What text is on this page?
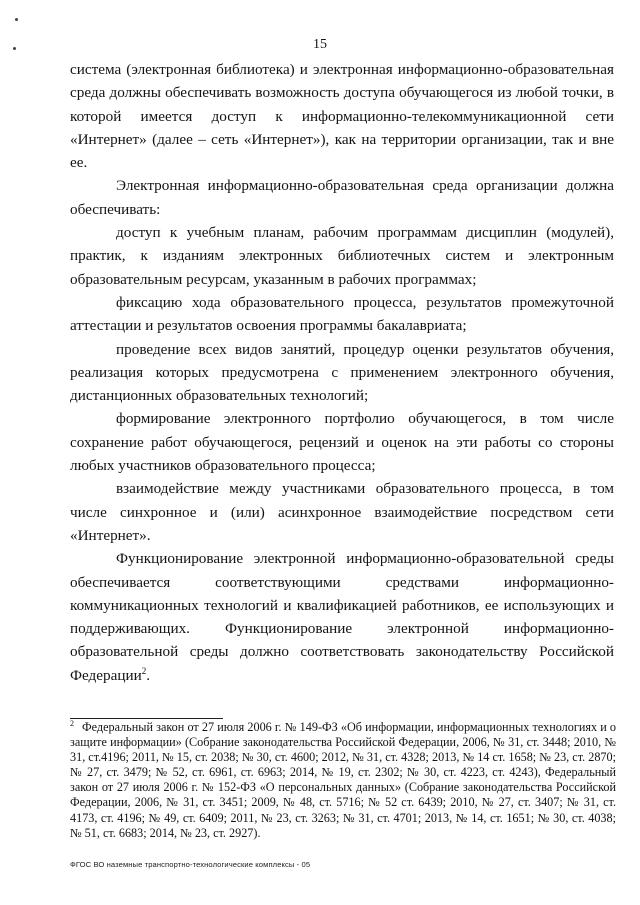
15

система (электронная библиотека) и электронная информационно-образовательная среда должны обеспечивать возможность доступа обучающегося из любой точки, в которой имеется доступ к информационно-телекоммуникационной сети «Интернет» (далее – сеть «Интернет»), как на территории организации, так и вне ее.

Электронная информационно-образовательная среда организации должна обеспечивать:

доступ к учебным планам, рабочим программам дисциплин (модулей), практик, к изданиям электронных библиотечных систем и электронным образовательным ресурсам, указанным в рабочих программах;

фиксацию хода образовательного процесса, результатов промежуточной аттестации и результатов освоения программы бакалавриата;

проведение всех видов занятий, процедур оценки результатов обучения, реализация которых предусмотрена с применением электронного обучения, дистанционных образовательных технологий;

формирование электронного портфолио обучающегося, в том числе сохранение работ обучающегося, рецензий и оценок на эти работы со стороны любых участников образовательного процесса;

взаимодействие между участниками образовательного процесса, в том числе синхронное и (или) асинхронное взаимодействие посредством сети «Интернет».

Функционирование электронной информационно-образовательной среды обеспечивается соответствующими средствами информационно-коммуникационных технологий и квалификацией работников, ее использующих и поддерживающих. Функционирование электронной информационно-образовательной среды должно соответствовать законодательству Российской Федерации$^2$.

$^2$ Федеральный закон от 27 июля 2006 г. № 149-ФЗ «Об информации, информационных технологиях и о защите информации» (Собрание законодательства Российской Федерации, 2006, № 31, ст. 3448; 2010, № 31, ст.4196; 2011, № 15, ст. 2038; № 30, ст. 4600; 2012, № 31, ст. 4328; 2013, № 14 ст. 1658; № 23, ст. 2870; № 27, ст. 3479; № 52, ст. 6961, ст. 6963; 2014, № 19, ст. 2302; № 30, ст. 4223, ст. 4243), Федеральный закон от 27 июля 2006 г. № 152-ФЗ «О персональных данных» (Собрание законодательства Российской Федерации, 2006, № 31, ст. 3451; 2009, № 48, ст. 5716; № 52 ст. 6439; 2010, № 27, ст. 3407; № 31, ст. 4173, ст. 4196; № 49, ст. 6409; 2011, № 23, ст. 3263; № 31, ст. 4701; 2013, № 14, ст. 1651; № 30, ст. 4038; № 51, ст. 6683; 2014, № 23, ст. 2927).

ФГОС ВО наземные транспортно-технологические комплексы - 05
